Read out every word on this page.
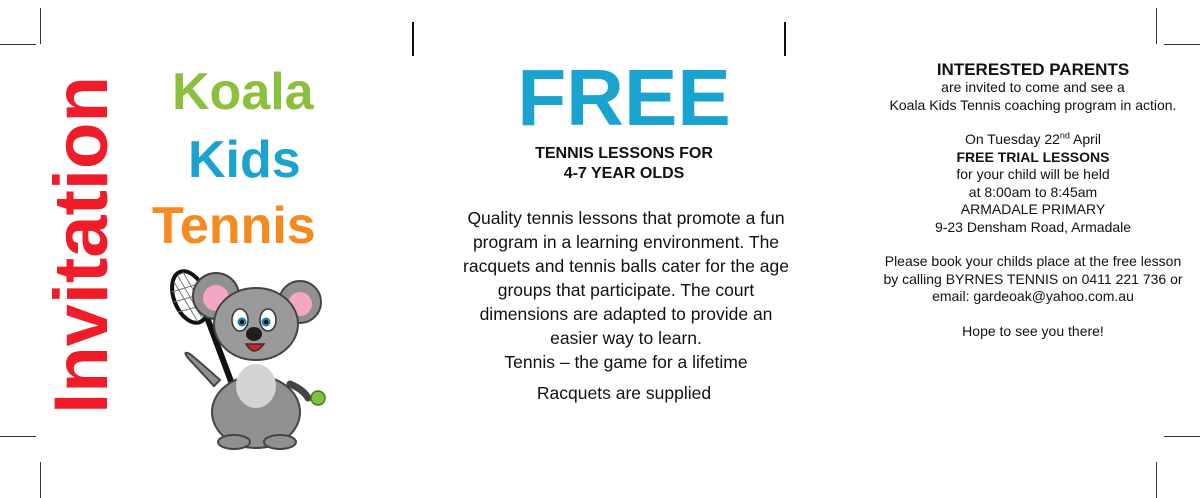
Invitation Koala
Kids
Tennis
FREE
TENNIS LESSONS FOR
4-7 YEAR OLDS

Quality tennis lessons that promote a fun

program in a learning environment. The

racquets and tennis balls cater for the age

groups that participate. The court

dimensions are adapted to provide an

easier way to learn.

Tennis – the game for a lifetime

Racquets are supplied

INTERESTED PARENTS

are invited to come and see a

Koala Kids Tennis coaching program in action.

On Tuesday 22nd April

FREE TRIAL LESSONS

for your child will be held

at 8:00am to 8:45am

ARMADALE PRIMARY

9-23 Densham Road, Armadale

Please book your childs place at the free lesson

by calling BYRNES TENNIS on 0411 221 736 or

email: gardeoak@yahoo.com.au

Hope to see you there!
